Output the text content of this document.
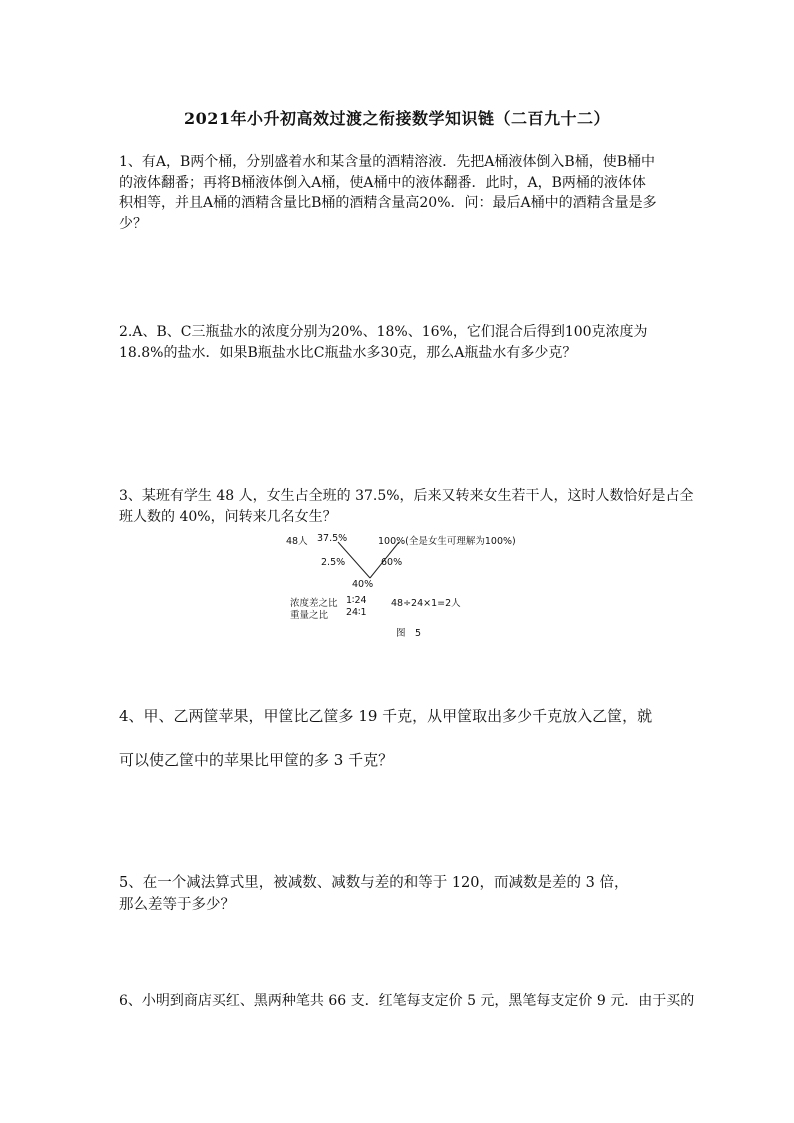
2021年小升初高效过渡之衔接数学知识链（二百九十二）

1、有A，B两个桶，分别盛着水和某含量的酒精溶液．先把A桶液体倒入B桶，使B桶中
的液体翻番；再将B桶液体倒入A桶，使A桶中的液体翻番．此时，A，B两桶的液体体
积相等，并且A桶的酒精含量比B桶的酒精含量高20%．问：最后A桶中的酒精含量是多
少？

2.A、B、C三瓶盐水的浓度分别为20%、18%、16%，它们混合后得到100克浓度为
18.8%的盐水．如果B瓶盐水比C瓶盐水多30克，那么A瓶盐水有多少克？

3、某班有学生 48 人，女生占全班的 37.5%，后来又转来女生若干人，这时人数恰好是占全
班人数的 40%，问转来几名女生？

48人 37.5%	100%(全是女生可理解为100%)
2.5%	60%
40%
浓度差之比 1∶24	48÷24×1=2人
重量之比 24∶1
图　5

4、甲、乙两筐苹果，甲筐比乙筐多 19 千克，从甲筐取出多少千克放入乙筐，就
可以使乙筐中的苹果比甲筐的多 3 千克？

5、在一个减法算式里，被减数、减数与差的和等于 120，而减数是差的 3 倍，
那么差等于多少？

6、小明到商店买红、黑两种笔共 66 支．红笔每支定价 5 元，黑笔每支定价 9 元．由于买的
